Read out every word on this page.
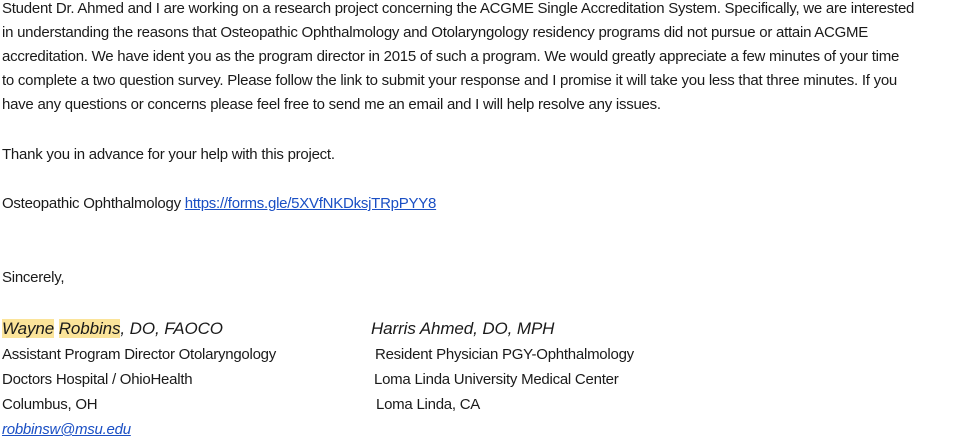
Student Dr. Ahmed and I are working on a research project concerning the ACGME Single Accreditation System. Specifically, we are interested
in understanding the reasons that Osteopathic Ophthalmology and Otolaryngology residency programs did not pursue or attain ACGME
accreditation. We have ident you as the program director in 2015 of such a program. We would greatly appreciate a few minutes of your time
to complete a two question survey. Please follow the link to submit your response and I promise it will take you less that three minutes. If you
have any questions or concerns please feel free to send me an email and I will help resolve any issues.
Thank you in advance for your help with this project.
Osteopathic Ophthalmology https://forms.gle/5XVfNKDksjTRpPYY8
Sincerely,
Wayne Robbins, DO, FAOCO
Assistant Program Director Otolaryngology
Doctors Hospital / OhioHealth
Columbus, OH
robbinsw@msu.edu
Harris Ahmed, DO, MPH
Resident Physician PGY-Ophthalmology
Loma Linda University Medical Center
Loma Linda, CA
